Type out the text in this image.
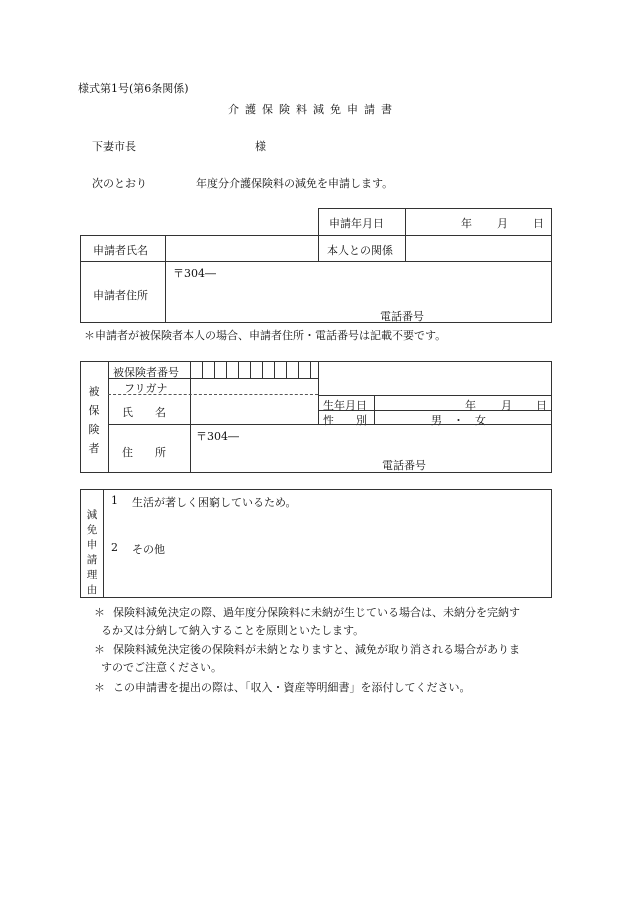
様式第1号(第6条関係)
介護保険料減免申請書
下妻市長	様
次のとおり	年度分介護保険料の減免を申請します。
申請年月日	年 月 日
申請者氏名	本人との関係
申請者住所
〒304―
電話番号
＊申請者が被保険者本人の場合、申請者住所・電話番号は記載不要です。
被保険者
被保険者番号
フリガナ
氏　　名
生年月日	年 月 日
性　　別	男　・　女
住　　所
〒304―
電話番号
減免申請理由
1 生活が著しく困窮しているため。
2 その他
＊ 保険料減免決定の際、過年度分保険料に未納が生じている場合は、未納分を完納す
るか又は分納して納入することを原則といたします。
＊ 保険料減免決定後の保険料が未納となりますと、減免が取り消される場合がありま
すのでご注意ください。
＊ この申請書を提出の際は、「収入・資産等明細書」を添付してください。
